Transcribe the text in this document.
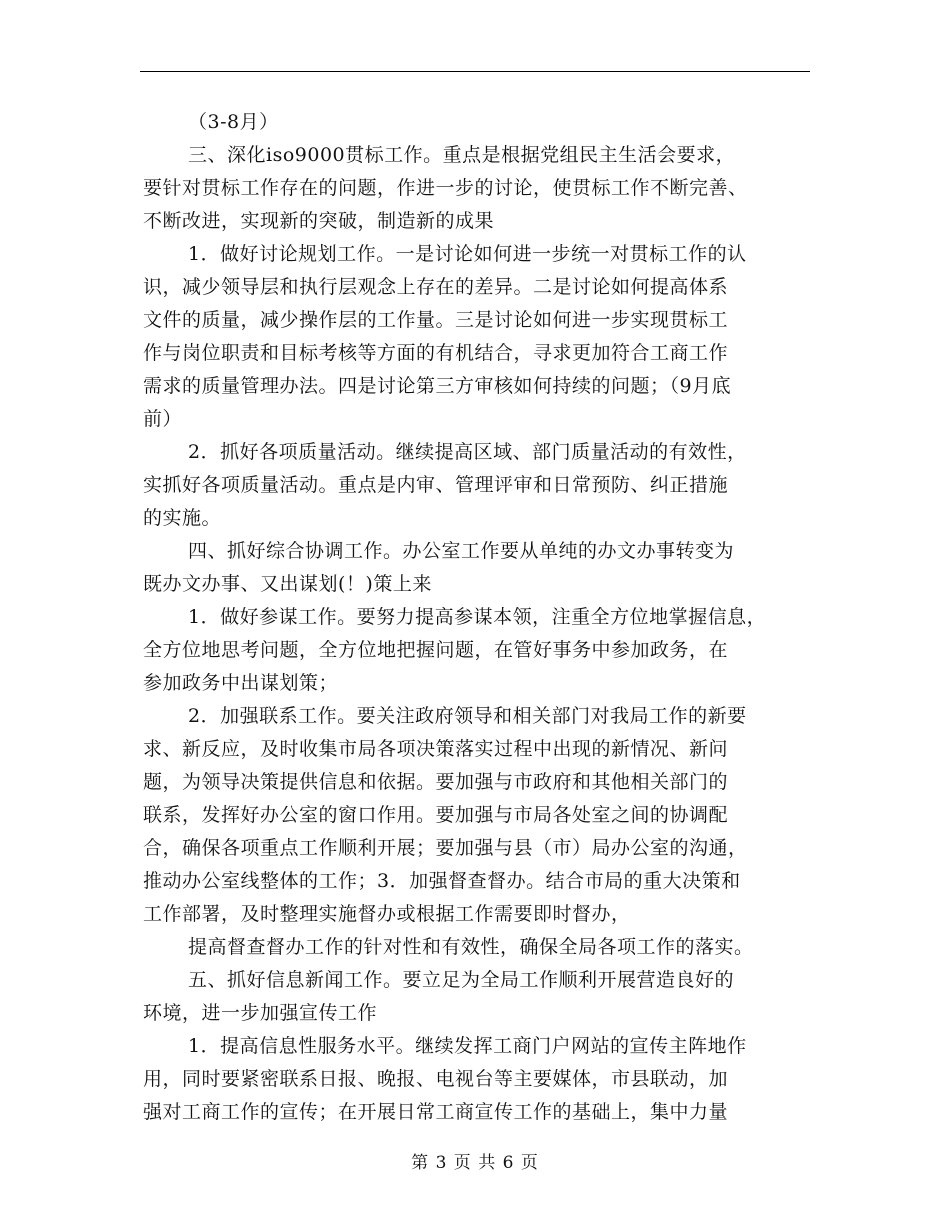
（3-8月）
三、深化iso9000贯标工作。重点是根据党组民主生活会要求，
要针对贯标工作存在的问题，作进一步的讨论，使贯标工作不断完善、
不断改进，实现新的突破，制造新的成果
1．做好讨论规划工作。一是讨论如何进一步统一对贯标工作的认
识，减少领导层和执行层观念上存在的差异。二是讨论如何提高体系
文件的质量，减少操作层的工作量。三是讨论如何进一步实现贯标工
作与岗位职责和目标考核等方面的有机结合，寻求更加符合工商工作
需求的质量管理办法。四是讨论第三方审核如何持续的问题；（9月底
前）
2．抓好各项质量活动。继续提高区域、部门质量活动的有效性，
实抓好各项质量活动。重点是内审、管理评审和日常预防、纠正措施
的实施。
四、抓好综合协调工作。办公室工作要从单纯的办文办事转变为
既办文办事、又出谋划(！)策上来
1．做好参谋工作。要努力提高参谋本领，注重全方位地掌握信息，
全方位地思考问题，全方位地把握问题，在管好事务中参加政务，在
参加政务中出谋划策；
2．加强联系工作。要关注政府领导和相关部门对我局工作的新要
求、新反应，及时收集市局各项决策落实过程中出现的新情况、新问
题，为领导决策提供信息和依据。要加强与市政府和其他相关部门的
联系，发挥好办公室的窗口作用。要加强与市局各处室之间的协调配
合，确保各项重点工作顺利开展；要加强与县（市）局办公室的沟通，
推动办公室线整体的工作；3．加强督查督办。结合市局的重大决策和
工作部署，及时整理实施督办或根据工作需要即时督办，
提高督查督办工作的针对性和有效性，确保全局各项工作的落实。
五、抓好信息新闻工作。要立足为全局工作顺利开展营造良好的
环境，进一步加强宣传工作
1．提高信息性服务水平。继续发挥工商门户网站的宣传主阵地作
用，同时要紧密联系日报、晚报、电视台等主要媒体，市县联动，加
强对工商工作的宣传；在开展日常工商宣传工作的基础上，集中力量
第 3 页 共 6 页
